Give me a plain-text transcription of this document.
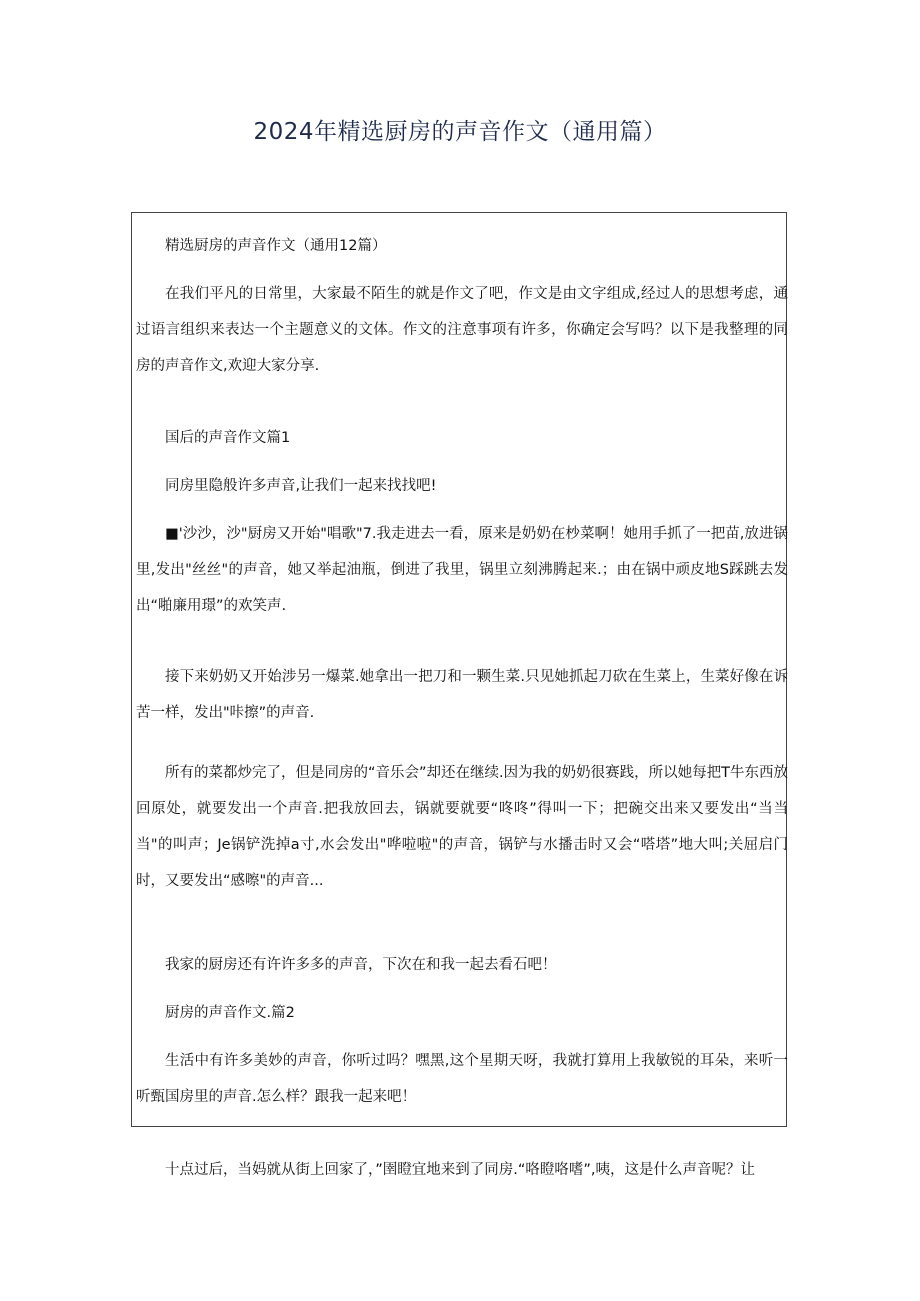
2024年精选厨房的声音作文（通用篇）

精选厨房的声音作文（通用12篇）

在我们平凡的日常里，大家最不陌生的就是作文了吧，作文是由文字组成,经过人的思想考虑，通过语言组织来表达一个主题意义的文体。作文的注意事项有许多，你确定会写吗？以下是我整理的同房的声音作文,欢迎大家分享.

国后的声音作文篇1

同房里隐般许多声音,让我们一起来找找吧!

■'沙沙，沙"厨房又开始"唱歌"7.我走进去一看，原来是奶奶在杪菜啊！她用手抓了一把苗,放进锅里,发出"丝丝"的声音，她又举起油瓶，倒进了我里，锅里立刻沸腾起来.；由在锅中顽皮地S踩跳去发出“啪廉用璟”的欢笑声.

接下来奶奶又开始涉另一爆菜.她拿出一把刀和一颗生菜.只见她抓起刀砍在生菜上，生菜好像在诉苦一样，发出"咔擦”的声音.

所有的菜都炒完了，但是同房的“音乐会”却还在继续.因为我的奶奶很赛践，所以她每把T牛东西放回原处，就要发出一个声音.把我放回去，锅就要就要“咚咚”得叫一下；把碗交出来又要发出“当当当"的叫声；Je锅铲洗掉a寸,水会发出"哗啦啦"的声音，锅铲与水播击时又会“嗒塔”地大叫;关屈启门时，又要发出“感嚓"的声音...

我家的厨房还有许许多多的声音，下次在和我一起去看石吧！

厨房的声音作文.篇2

生活中有许多美妙的声音，你听过吗？嘿黑,这个星期天呀，我就打算用上我敏锐的耳朵，来听一听甄国房里的声音.怎么样？跟我一起来吧！

十点过后，当妈就从街上回家了，”圉瞪宜地来到了同房.“咯瞪咯嗜”,咦，这是什么声音呢？让
